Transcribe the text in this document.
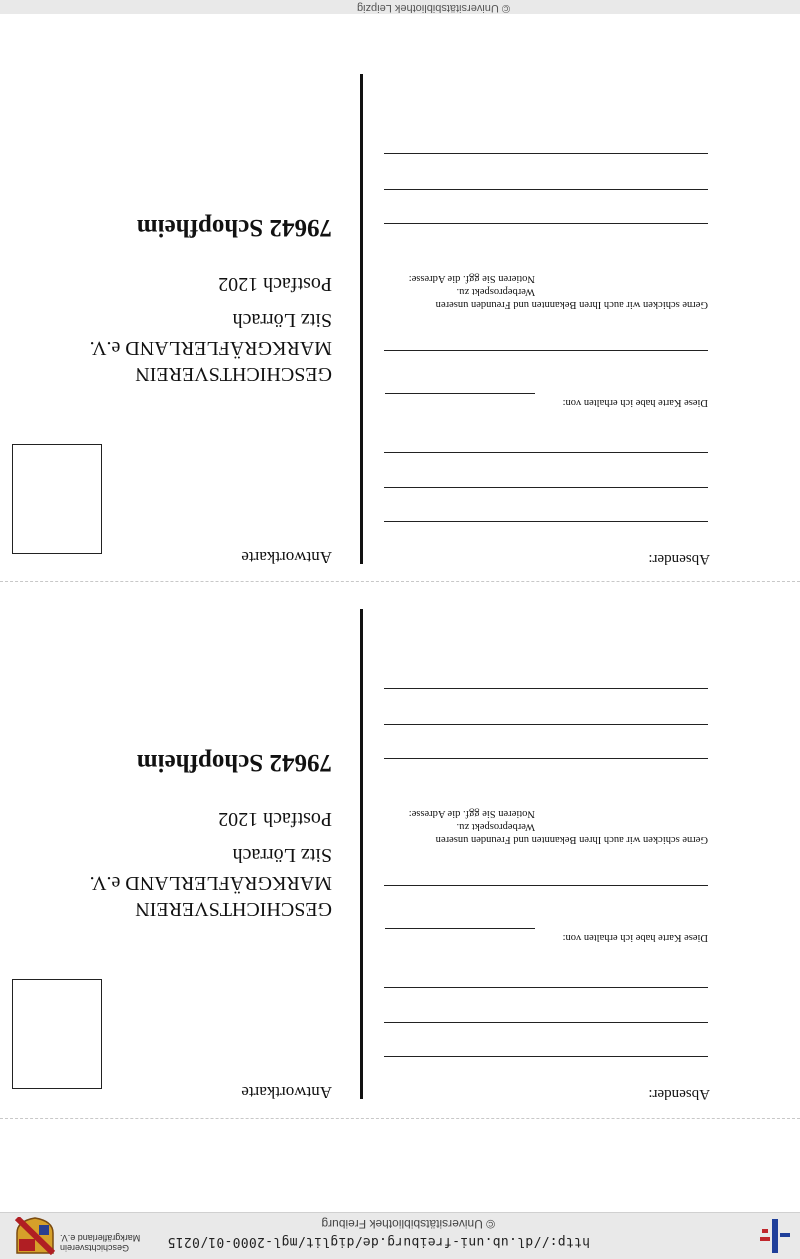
http://dl.ub.uni-freiburg.de/diglit/mgl-2000-01/0215
© Universitätsbibliothek Freiburg
Geschichtsverein Markgräflerland e.V.
© Universitätsbibliothek Leipzig
Antwortkarte	Absender:
GESCHICHTSVEREIN
MARKGRÄFLERLAND e.V.
Sitz Lörrach
Postfach 1202
79642 Schopfheim
Diese Karte habe ich erhalten von:
Gerne schicken wir auch Ihren Bekannten und Freunden unseren
Werbeprospekt zu.
Notieren Sie ggf. die Adresse:
Antwortkarte	Absender:
GESCHICHTSVEREIN
MARKGRÄFLERLAND e.V.
Sitz Lörrach
Postfach 1202
79642 Schopfheim
Diese Karte habe ich erhalten von:
Gerne schicken wir auch Ihren Bekannten und Freunden unseren
Werbeprospekt zu.
Notieren Sie ggf. die Adresse:
